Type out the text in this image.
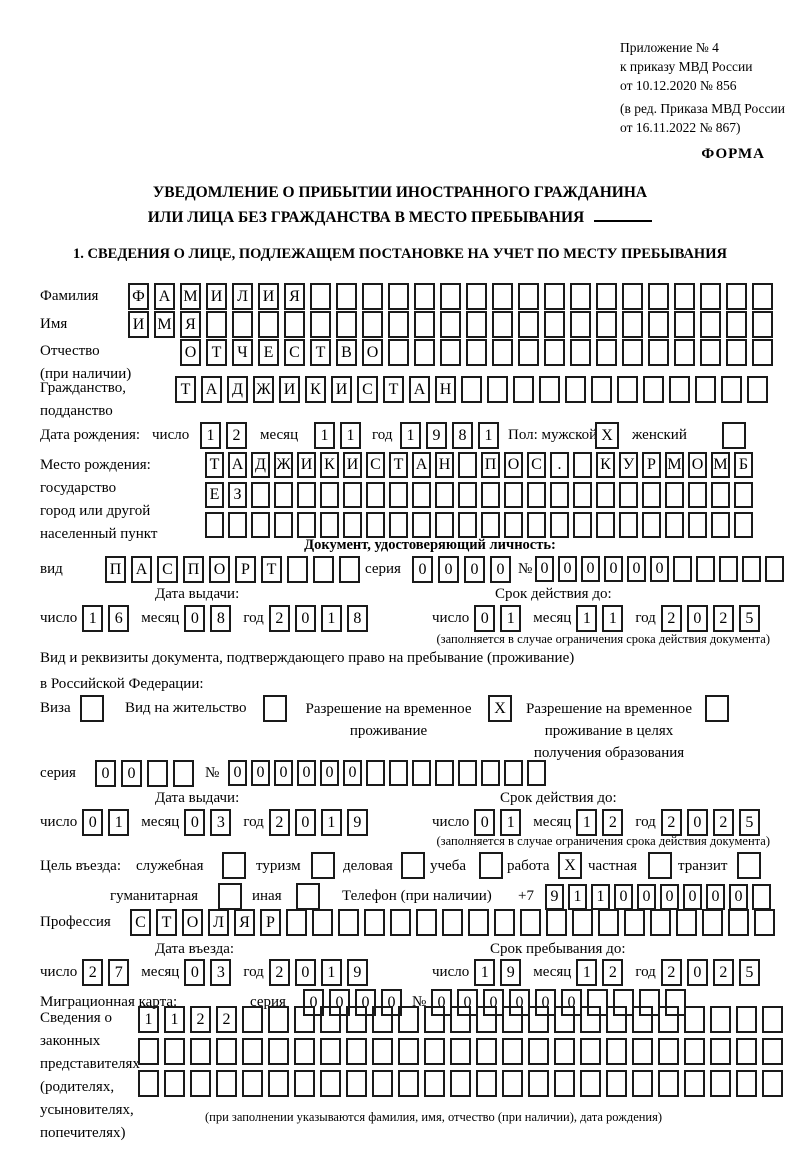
Приложение № 4
к приказу МВД России
от 10.12.2020 № 856
(в ред. Приказа МВД России
от 16.11.2022 № 867)
ФОРМА
УВЕДОМЛЕНИЕ О ПРИБЫТИИ ИНОСТРАННОГО ГРАЖДАНИНА
ИЛИ ЛИЦА БЕЗ ГРАЖДАНСТВА В МЕСТО ПРЕБЫВАНИЯ
1. СВЕДЕНИЯ О ЛИЦЕ, ПОДЛЕЖАЩЕМ ПОСТАНОВКЕ НА УЧЕТ ПО МЕСТУ ПРЕБЫВАНИЯ
Фамилия Ф А М И Л И Я
Имя	И М Я
Отчество
(при наличии)
О Т Ч Е С Т В О
Гражданство,
подданство
Т А Д Ж И К И С Т А Н
Дата рождения: число	1	2	месяц	1	1	год 1	9	8	1	Пол: мужской X	женский
Место рождения:
государство
город или другой
населенный пункт
Т А Д Ж И К И С Т А Н П О С .	К У Р М О М Б
Е З
Документ, удостоверяющий личность:
вид	П А С П О Р	Т	серия	0	0	0	0 № 0 0 0 0 0 0
Дата выдачи:	Срок действия до:
число 1	6	месяц 0	8	год 2	0	1	8	число 0	1	месяц 1	1	год 2	0	2	5
(заполняется в случае ограничения срока действия документа)
Вид и реквизиты документа, подтверждающего право на пребывание (проживание)
в Российской Федерации:
Виза	Вид на жительство	Разрешение на временное
проживание
X	Разрешение на временное
проживание в целях
получения образования
серия	0	0	№ 0 0 0 0 0 0
Дата выдачи:	Срок действия до:
число 0	1	месяц 0	3	год 2	0	1	9	число 0	1	месяц 1	2	год 2	0	2	5
(заполняется в случае ограничения срока действия документа)
Цель въезда: служебная	туризм	деловая учеба	работа X частная	транзит
гуманитарная	иная	Телефон (при наличии) +7	9 1 1 0 0 0 0 0 0
Профессия	С Т О Л Я	Р
Дата въезда:	Срок пребывания до:
число 2	7	месяц 0	3	год 2	0	1	9	число 1	9	месяц 1	2	год 2	0	2	5
Миграционная карта:	серия	0	0	0	0	№ 0	0	0	0	0	0
Сведения о
законных
представителях
(родителях,
усыновителях,
попечителях)
1	1	2	2
(при заполнении указываются фамилия, имя, отчество (при наличии), дата рождения)
